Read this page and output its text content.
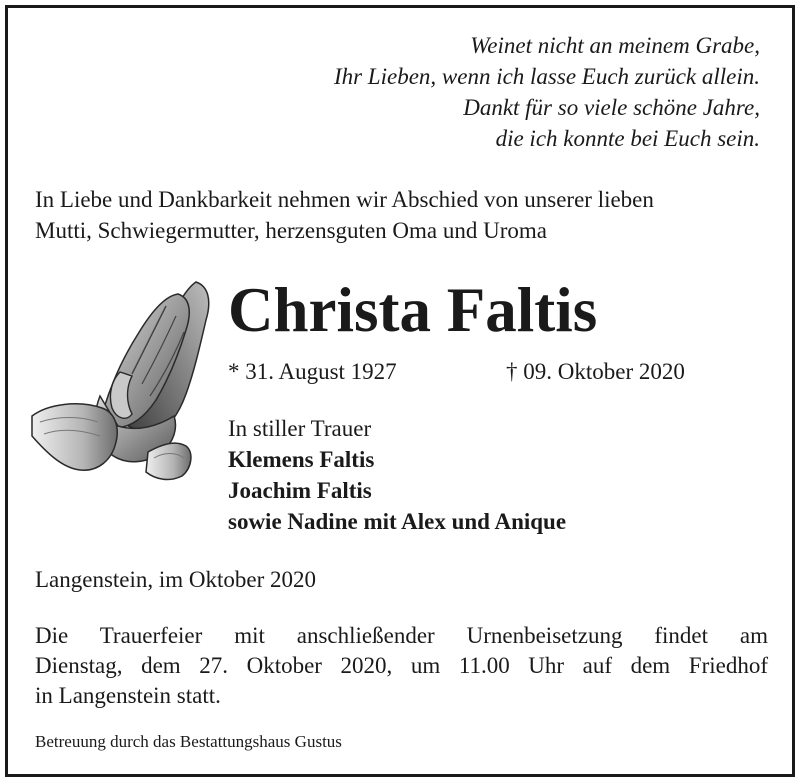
Weinet nicht an meinem Grabe,
Ihr Lieben, wenn ich lasse Euch zurück allein.
Dankt für so viele schöne Jahre,
die ich konnte bei Euch sein.
In Liebe und Dankbarkeit nehmen wir Abschied von unserer lieben
Mutti, Schwiegermutter, herzensguten Oma und Uroma
Christa Faltis
* 31. August 1927	† 09. Oktober 2020
In stiller Trauer
Klemens Faltis
Joachim Faltis
sowie Nadine mit Alex und Anique
Langenstein, im Oktober 2020
Die Trauerfeier mit anschließender Urnenbeisetzung findet am
Dienstag, dem 27. Oktober 2020, um 11.00 Uhr auf dem Friedhof
in Langenstein statt.
Betreuung durch das Bestattungshaus Gustus
